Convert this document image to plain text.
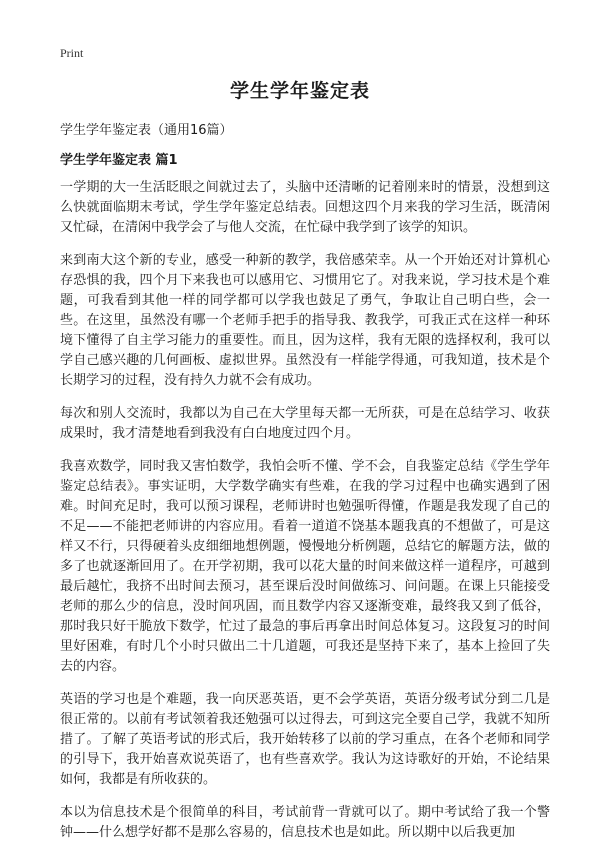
Print
学生学年鉴定表
学生学年鉴定表（通用16篇）
学生学年鉴定表 篇1

一学期的大一生活眨眼之间就过去了，头脑中还清晰的记着刚来时的情景，没想到这么快就面临期末考试，学生学年鉴定总结表。回想这四个月来我的学习生活，既清闲又忙碌，在清闲中我学会了与他人交流，在忙碌中我学到了该学的知识。

来到南大这个新的专业，感受一种新的教学，我倍感荣幸。从一个开始还对计算机心存恐惧的我，四个月下来我也可以感用它、习惯用它了。对我来说，学习技术是个难题，可我看到其他一样的同学都可以学我也鼓足了勇气，争取让自己明白些，会一些。在这里，虽然没有哪一个老师手把手的指导我、教我学，可我正式在这样一种环境下懂得了自主学习能力的重要性。而且，因为这样，我有无限的选择权利，我可以学自己感兴趣的几何画板、虚拟世界。虽然没有一样能学得通，可我知道，技术是个长期学习的过程，没有持久力就不会有成功。

每次和别人交流时，我都以为自己在大学里每天都一无所获，可是在总结学习、收获成果时，我才清楚地看到我没有白白地度过四个月。

我喜欢数学，同时我又害怕数学，我怕会听不懂、学不会，自我鉴定总结《学生学年鉴定总结表》。事实证明，大学数学确实有些难，在我的学习过程中也确实遇到了困难。时间充足时，我可以预习课程，老师讲时也勉强听得懂，作题是我发现了自己的不足——不能把老师讲的内容应用。看着一道道不饶基本题我真的不想做了，可是这样又不行，只得硬着头皮细细地想例题，慢慢地分析例题，总结它的解题方法，做的多了也就逐渐回用了。在开学初期，我可以花大量的时间来做这样一道程序，可越到最后越忙，我挤不出时间去预习，甚至课后没时间做练习、问问题。在课上只能接受老师的那么少的信息，没时间巩固，而且数学内容又逐渐变难，最终我又到了低谷，那时我只好干脆放下数学，忙过了最急的事后再拿出时间总体复习。这段复习的时间里好困难，有时几个小时只做出二十几道题，可我还是坚持下来了，基本上捡回了失去的内容。

英语的学习也是个难题，我一向厌恶英语，更不会学英语，英语分级考试分到二几是很正常的。以前有考试领着我还勉强可以过得去，可到这完全要自己学，我就不知所措了。了解了英语考试的形式后，我开始转移了以前的学习重点，在各个老师和同学的引导下，我开始喜欢说英语了，也有些喜欢学。我认为这诗歌好的开始，不论结果如何，我都是有所收获的。

本以为信息技术是个很简单的科目，考试前背一背就可以了。期中考试给了我一个警钟——什么想学好都不是那么容易的，信息技术也是如此。所以期中以后我更加
